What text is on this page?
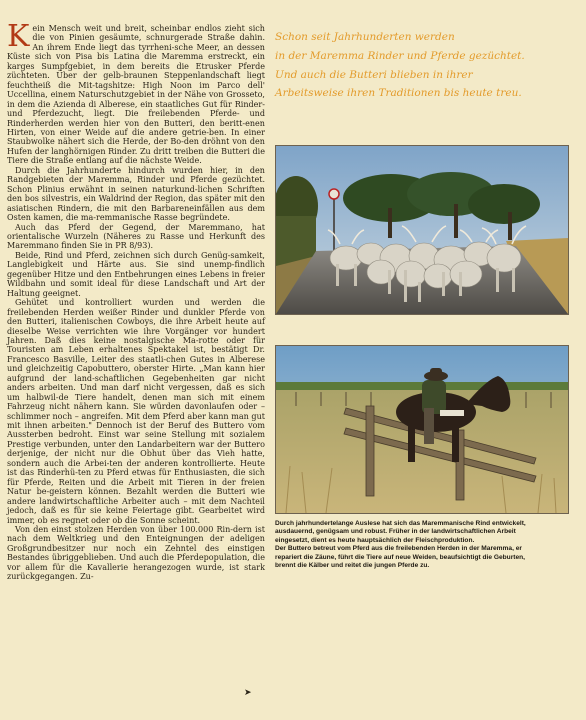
Kein Mensch weit und breit, scheinbar endlos zieht sich die von Pinien gesäumte, schnurgerade Straße dahin. An ihrem Ende liegt das tyrrheni-sche Meer, an dessen Küste sich von Pisa bis Latina die Maremma erstreckt, ein karges Sumpfgebiet, in dem bereits die Etrusker Pferde züchteten. Über der gelb-braunen Steppenlandschaft liegt feuchtheiß die Mit-tagshitze: High Noon im Parco dell' Uccellina, einem Naturschutzgebiet in der Nähe von Grosseto, in dem die Azienda di Alberese, ein staatliches Gut für Rinder- und Pferdezucht, liegt. Die freilebenden Pferde- und Rinderherden werden hier von den Butteri, den beritt-enen Hirten, von einer Weide auf die andere getrie-ben. In einer Staubwolke nähert sich die Herde, der Bo-den dröhnt von den Hufen der langhörnigen Rinder. Zu dritt treiben die Butteri die Tiere die Straße entlang auf die nächste Weide.

Durch die Jahrhunderte hindurch wurden hier, in den Randgebieten der Maremma, Rinder und Pferde gezüchtet. Schon Plinius erwähnt in seinen naturkund-lichen Schriften den bos silvestris, ein Waldrind der Region, das später mit den asiatischen Rindern, die mit den Barbareneinfällen aus dem Osten kamen, die ma-remmanische Rasse begründete.

Auch das Pferd der Gegend, der Maremmano, hat orientalische Wurzeln (Näheres zu Rasse und Herkunft des Maremmano finden Sie in PR 8/93).

Beide, Rind und Pferd, zeichnen sich durch Genüg-samkeit, Langlebigkeit und Härte aus. Sie sind unemp-findlich gegenüber Hitze und den Entbehrungen eines Lebens in freier Wildbahn und somit ideal für diese Landschaft und Art der Haltung geeignet.

Gehütet und kontrolliert wurden und werden die freilebenden Herden weißer Rinder und dunkler Pferde von den Butteri, italienischen Cowboys, die ihre Arbeit heute auf dieselbe Weise verrichten wie ihre Vorgänger vor hundert Jahren. Daß dies keine nostalgische Ma-rotte oder für Touristen am Leben erhaltenes Spektakel ist, bestätigt Dr. Francesco Basville, Leiter des staatli-chen Gutes in Alberese und gleichzeitig Capobuttero, oberster Hirte. „Man kann hier aufgrund der land-schaftlichen Gegebenheiten gar nicht anders arbeiten. Und man darf nicht vergessen, daß es sich um halbwil-de Tiere handelt, denen man sich mit einem Fahrzeug nicht nähern kann. Sie würden davonlaufen oder – schlimmer noch – angreifen. Mit dem Pferd aber kann man gut mit ihnen arbeiten." Dennoch ist der Beruf des Buttero vom Aussterben bedroht. Einst war seine Stellung mit sozialem Prestige verbunden, unter den Landarbeitern war der Buttero derjenige, der nicht nur die Obhut über das Vieh hatte, sondern auch die Arbei-ten der anderen kontrollierte. Heute ist das Rinderhü-ten zu Pferd etwas für Enthusiasten, die sich für Pferde, Reiten und die Arbeit mit Tieren in der freien Natur be-geistern können. Bezahlt werden die Butteri wie andere landwirtschaftliche Arbeiter auch – mit dem Nachteil jedoch, daß es für sie keine Feiertage gibt. Gearbeitet wird immer, ob es regnet oder ob die Sonne scheint.

Von den einst stolzen Herden von über 100.000 Rin-dern ist nach dem Weltkrieg und den Enteignungen der adeligen Großgrundbesitzer nur noch ein Zehntel des einstigen Bestandes übriggeblieben. Und auch die Pferdepopulation, die vor allem für die Kavallerie herangezogen wurde, ist stark zurückgegangen. Zu-

➤
Schon seit Jahrhunderten werden
in der Maremma Rinder und Pferde gezüchtet.
Und auch die Butteri blieben in ihrer
Arbeitsweise ihren Traditionen bis heute treu.
Durch jahrhundertelange Auslese hat sich das Maremmanische Rind entwickelt,
ausdauernd, genügsam und robust. Früher in der landwirtschaftlichen Arbeit
eingesetzt, dient es heute hauptsächlich der Fleischproduktion.
Der Buttero betreut vom Pferd aus die freilebenden Herden in der Maremma, er
repariert die Zäune, führt die Tiere auf neue Weiden, beaufsichtigt die Geburten,
brennt die Kälber und reitet die jungen Pferde zu.
